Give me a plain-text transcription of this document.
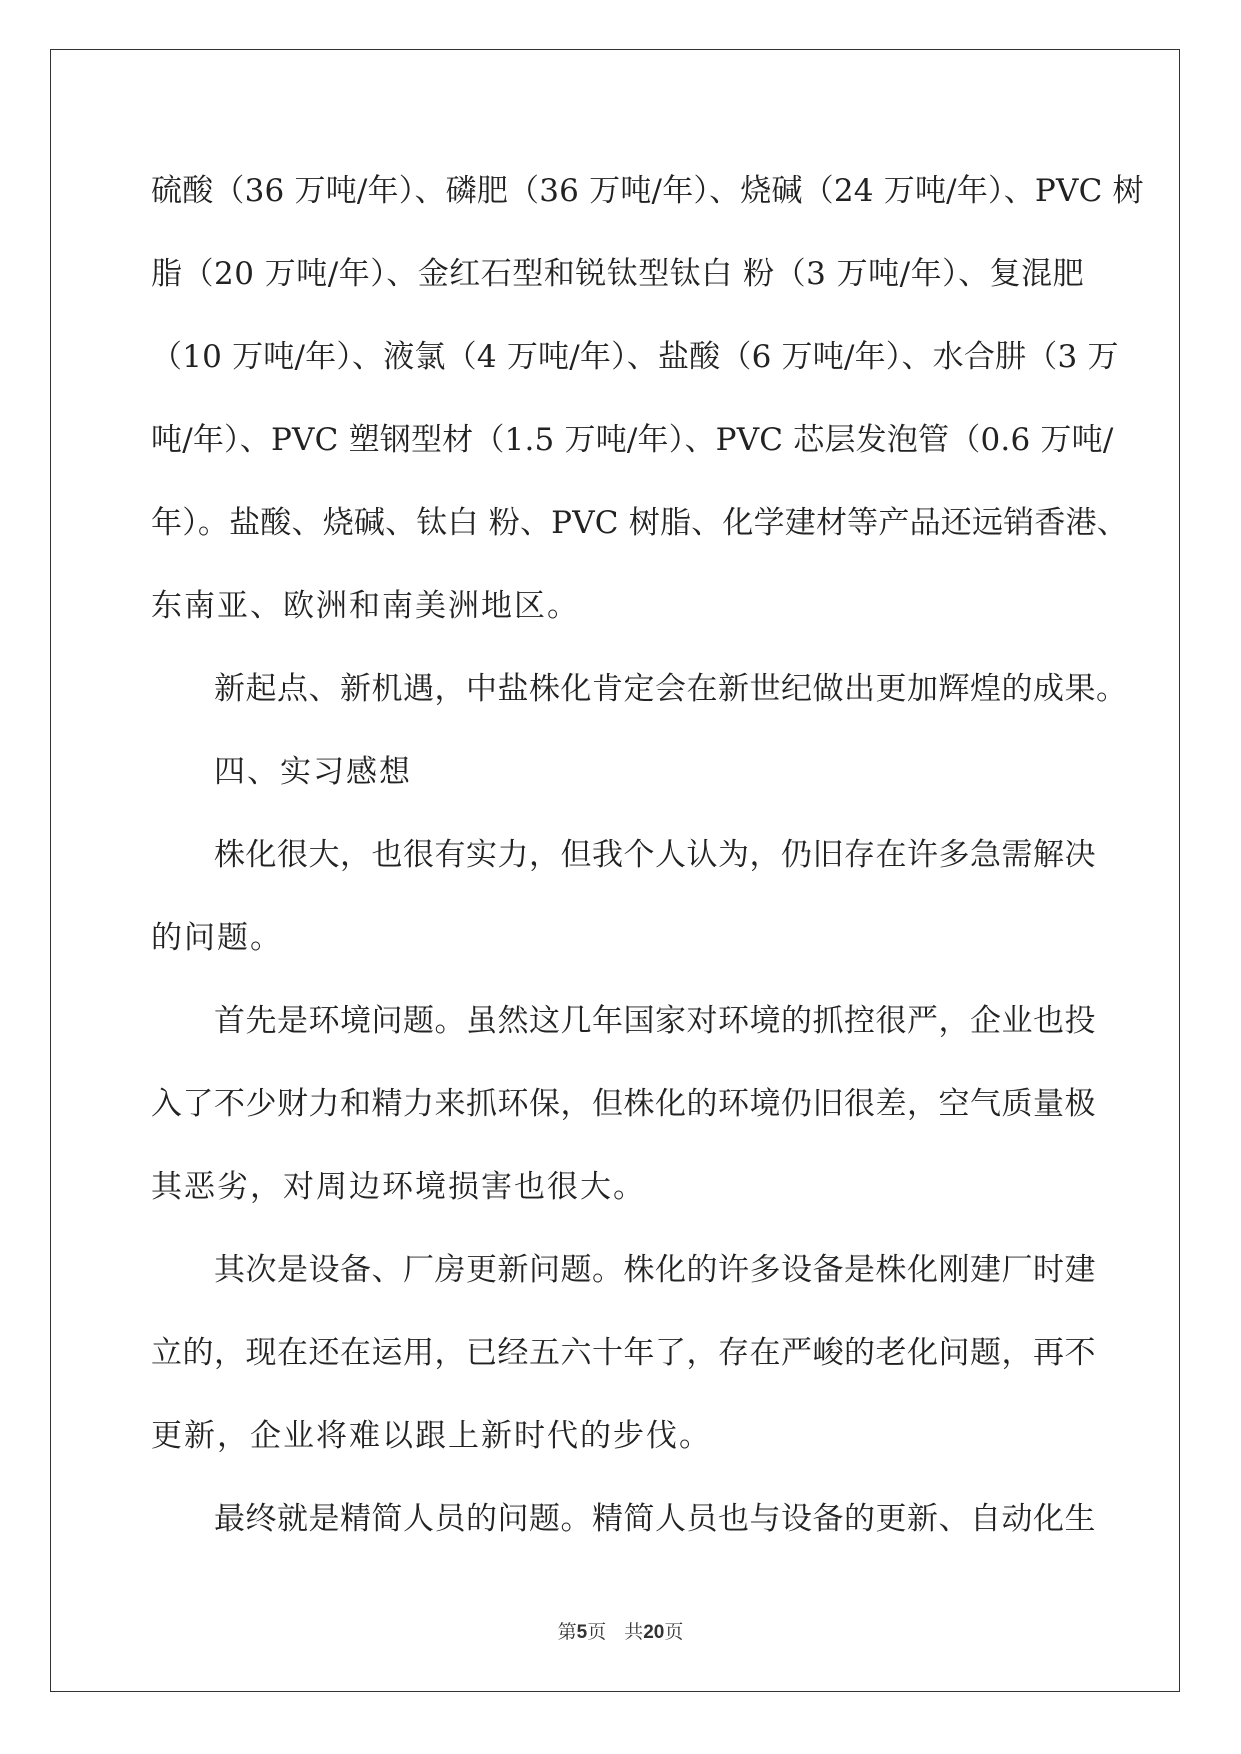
硫酸（36 万吨/年）、磷肥（36 万吨/年）、烧碱（24 万吨/年）、PVC 树
脂（20 万吨/年）、金红石型和锐钛型钛白 粉（3 万吨/年）、复混肥
（10 万吨/年）、液氯（4 万吨/年）、盐酸（6 万吨/年）、水合肼（3 万
吨/年）、PVC 塑钢型材（1.5 万吨/年）、PVC 芯层发泡管（0.6 万吨/
年）。盐酸、烧碱、钛白 粉、PVC 树脂、化学建材等产品还远销香港、
东南亚、欧洲和南美洲地区。
新起点、新机遇，中盐株化肯定会在新世纪做出更加辉煌的成果。
四、实习感想
株化很大，也很有实力，但我个人认为，仍旧存在许多急需解决
的问题。
首先是环境问题。虽然这几年国家对环境的抓控很严，企业也投
入了不少财力和精力来抓环保，但株化的环境仍旧很差，空气质量极
其恶劣，对周边环境损害也很大。
其次是设备、厂房更新问题。株化的许多设备是株化刚建厂时建
立的，现在还在运用，已经五六十年了，存在严峻的老化问题，再不
更新，企业将难以跟上新时代的步伐。
最终就是精简人员的问题。精简人员也与设备的更新、自动化生
第5页 共20页
